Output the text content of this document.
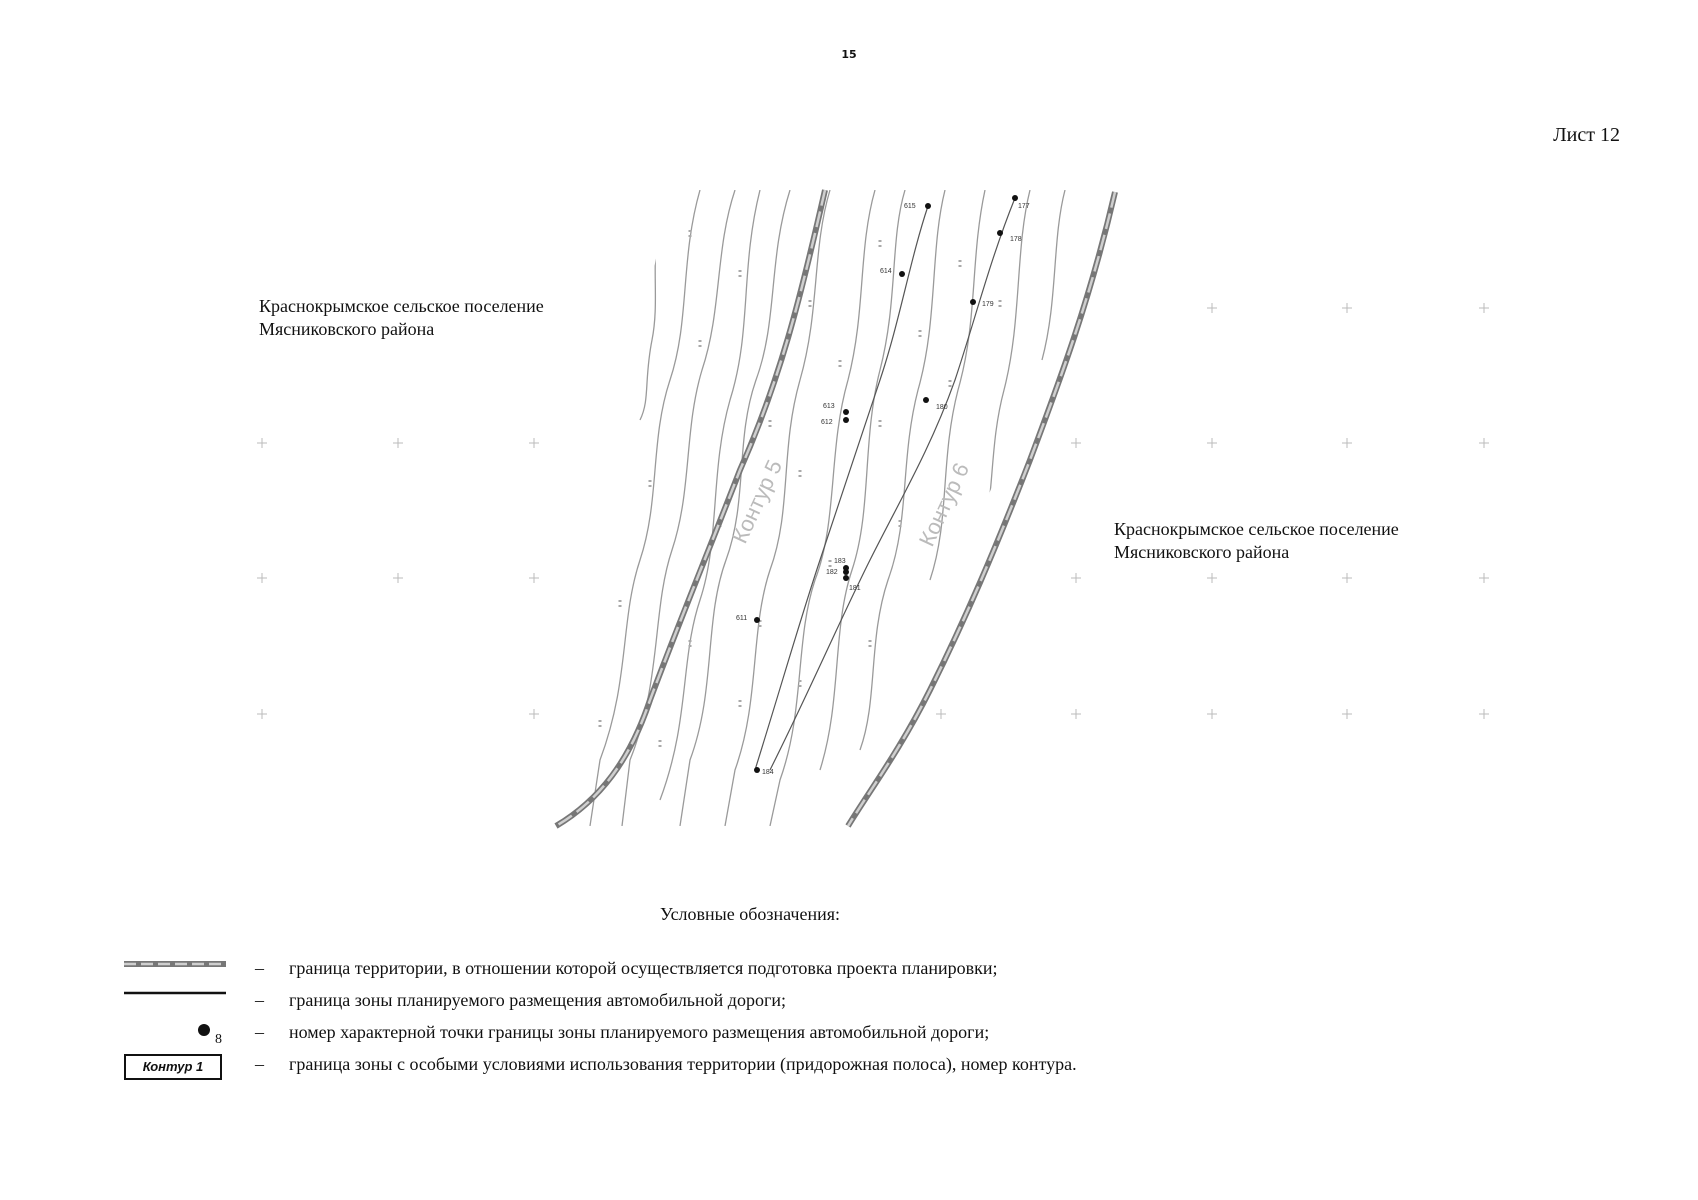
15
Лист 12
615	177
178
614
179
613
612
180
183
182
181
611
184
Контур 5	Контур 6
Краснокрымское сельское поселение
Мясниковского района
Краснокрымское сельское поселение
Мясниковского района
Условные обозначения:
– граница территории, в отношении которой осуществляется подготовка проекта планировки;
– граница зоны планируемого размещения автомобильной дороги;
8 – номер характерной точки границы зоны планируемого размещения автомобильной дороги;
Контур 1	– граница зоны с особыми условиями использования территории (придорожная полоса), номер контура.
